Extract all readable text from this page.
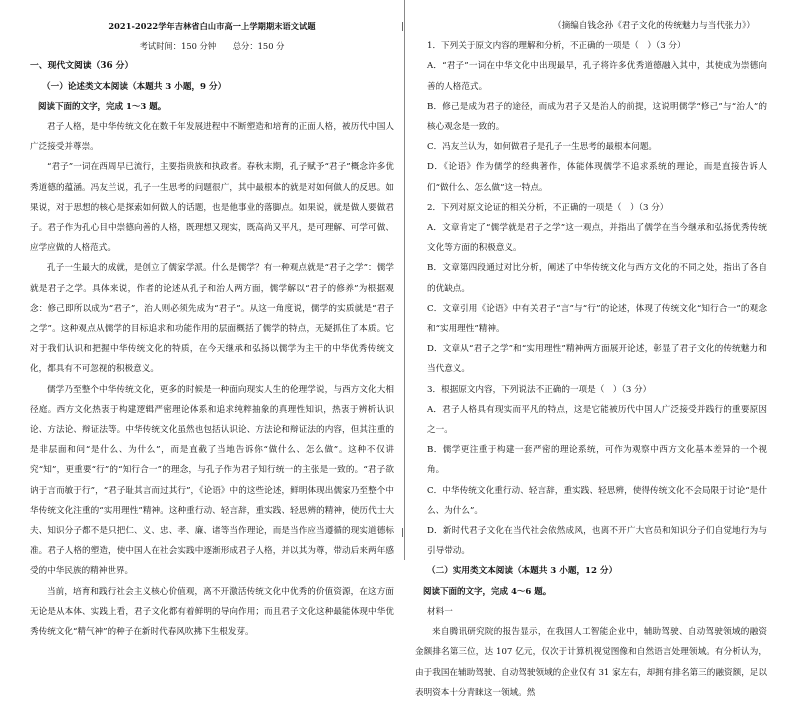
2021-2022学年吉林省白山市高一上学期期末语文试题

考试时间：150 分钟　　总分：150 分

一、现代文阅读（36 分）

（一）论述类文本阅读（本题共 3 小题，9 分）

阅读下面的文字，完成 1～3 题。

君子人格，是中华传统文化在数千年发展进程中不断塑造和培育的正面人格，被历代中国人广泛接受并尊崇。

“君子”一词在西周早已流行，主要指贵族和执政者。春秋末期，孔子赋予“君子”概念许多优秀道德的蕴涵。冯友兰说，孔子一生思考的问题很广，其中最根本的就是对如何做人的反思。如果说，对于思想的核心是探索如何做人的话题，也是他事业的落脚点。如果说，就是做人要做君子。君子作为孔心目中崇德向善的人格，既理想又现实，既高尚又平凡，是可理解、可学可做、应学应做的人格范式。

孔子一生最大的成就，是创立了儒家学派。什么是儒学？有一种观点就是“君子之学”：儒学就是君子之学。具体来说，作者的论述从孔子和治人两方面，儒学解以“君子的修养”为根据观念：修己即所以成为“君子”，治人则必须先成为“君子”。从这一角度说，儒学的实质就是“君子之学”。这种观点从儒学的目标追求和功能作用的层面概括了儒学的特点，无疑抓住了本质。它对于我们认识和把握中华传统文化的特质，在今天继承和弘扬以儒学为主干的中华优秀传统文化，都具有不可忽视的积极意义。

儒学乃至整个中华传统文化，更多的时候是一种面向现实人生的伦理学说，与西方文化大相径庭。西方文化热衷于构建逻辑严密理论体系和追求纯粹抽象的真理性知识，热衷于辨析认识论、方法论、辩证法等。中华传统文化虽然也包括认识论、方法论和辩证法的内容，但其注重的是非层面和问“是什么、为什么”，而是直截了当地告诉你“做什么、怎么做”。这种不仅讲究“知”，更重要“行”的“知行合一”的理念，与孔子作为君子知行统一的主张是一致的。“君子欲讷于言而敏于行”，“君子耻其言而过其行”，《论语》中的这些论述，鲜明体现出儒家乃至整个中华传统文化注重的“实用理性”精神。这种重行动、轻言辞，重实践、轻思辨的精神，使历代士大夫、知识分子都不是只把仁、义、忠、孝、廉、诸等当作理论，而是当作应当遵循的现实道德标准。君子人格的塑造，使中国人在社会实践中逐渐形成君子人格，并以其为尊，带动后来两年感受的中华民族的精神世界。

当前，培育和践行社会主义核心价值观，离不开激活传统文化中优秀的价值资源，在这方面无论是从本体、实践上看，君子文化都有着鲜明的导向作用；而且君子文化这种最能体现中华优秀传统文化“精气神”的种子在新时代春风吹拂下生根发芽。

（摘编自钱念孙《君子文化的传统魅力与当代张力》）

1．下列关于原文内容的理解和分析，不正确的一项是（　）（3 分）

A．“君子”一词在中华文化中出现最早，孔子将许多优秀道德融入其中，其使成为崇德向善的人格范式。

B．修己是成为君子的途径，而成为君子又是治人的前提，这说明儒学“修己”与“治人”的核心观念是一致的。

C．冯友兰认为，如何做君子是孔子一生思考的最根本问题。

D．《论语》作为儒学的经典著作，体能体现儒学不追求系统的理论，而是直接告诉人们“做什么、怎么做”这一特点。

2．下列对原文论证的相关分析，不正确的一项是（　）（3 分）

A．文章肯定了“儒学就是君子之学”这一观点，并指出了儒学在当今继承和弘扬优秀传统文化等方面的积极意义。

B．文章第四段通过对比分析，阐述了中华传统文化与西方文化的不同之处，指出了各自的优缺点。

C．文章引用《论语》中有关君子“言”与“行”的论述，体现了传统文化“知行合一”的观念和“实用理性”精神。

D．文章从“君子之学”和“实用理性”精神两方面展开论述，彰显了君子文化的传统魅力和当代意义。

3．根据原文内容，下列说法不正确的一项是（　）（3 分）

A．君子人格具有现实而平凡的特点，这是它能被历代中国人广泛接受并践行的重要原因之一。

B．儒学更注重于构建一套严密的理论系统，可作为观察中西方文化基本差异的一个视角。

C．中华传统文化重行动、轻言辞，重实践、轻思辨，使得传统文化不会局限于讨论“是什么、为什么”。

D．新时代君子文化在当代社会依然成风，也离不开广大官员和知识分子们自觉地行为与引导带动。

（二）实用类文本阅读（本题共 3 小题，12 分）

阅读下面的文字，完成 4～6 题。

材料一

来自腾讯研究院的报告显示，在我国人工智能企业中，辅助驾驶、自动驾驶领域的融资金额排名第三位，达 107 亿元，仅次于计算机视觉图像和自然语言处理领域。有分析认为，由于我国在辅助驾驶、自动驾驶领域的企业仅有 31 家左右，却拥有排名第三的融资额，足以表明资本十分青睐这一领域。然
